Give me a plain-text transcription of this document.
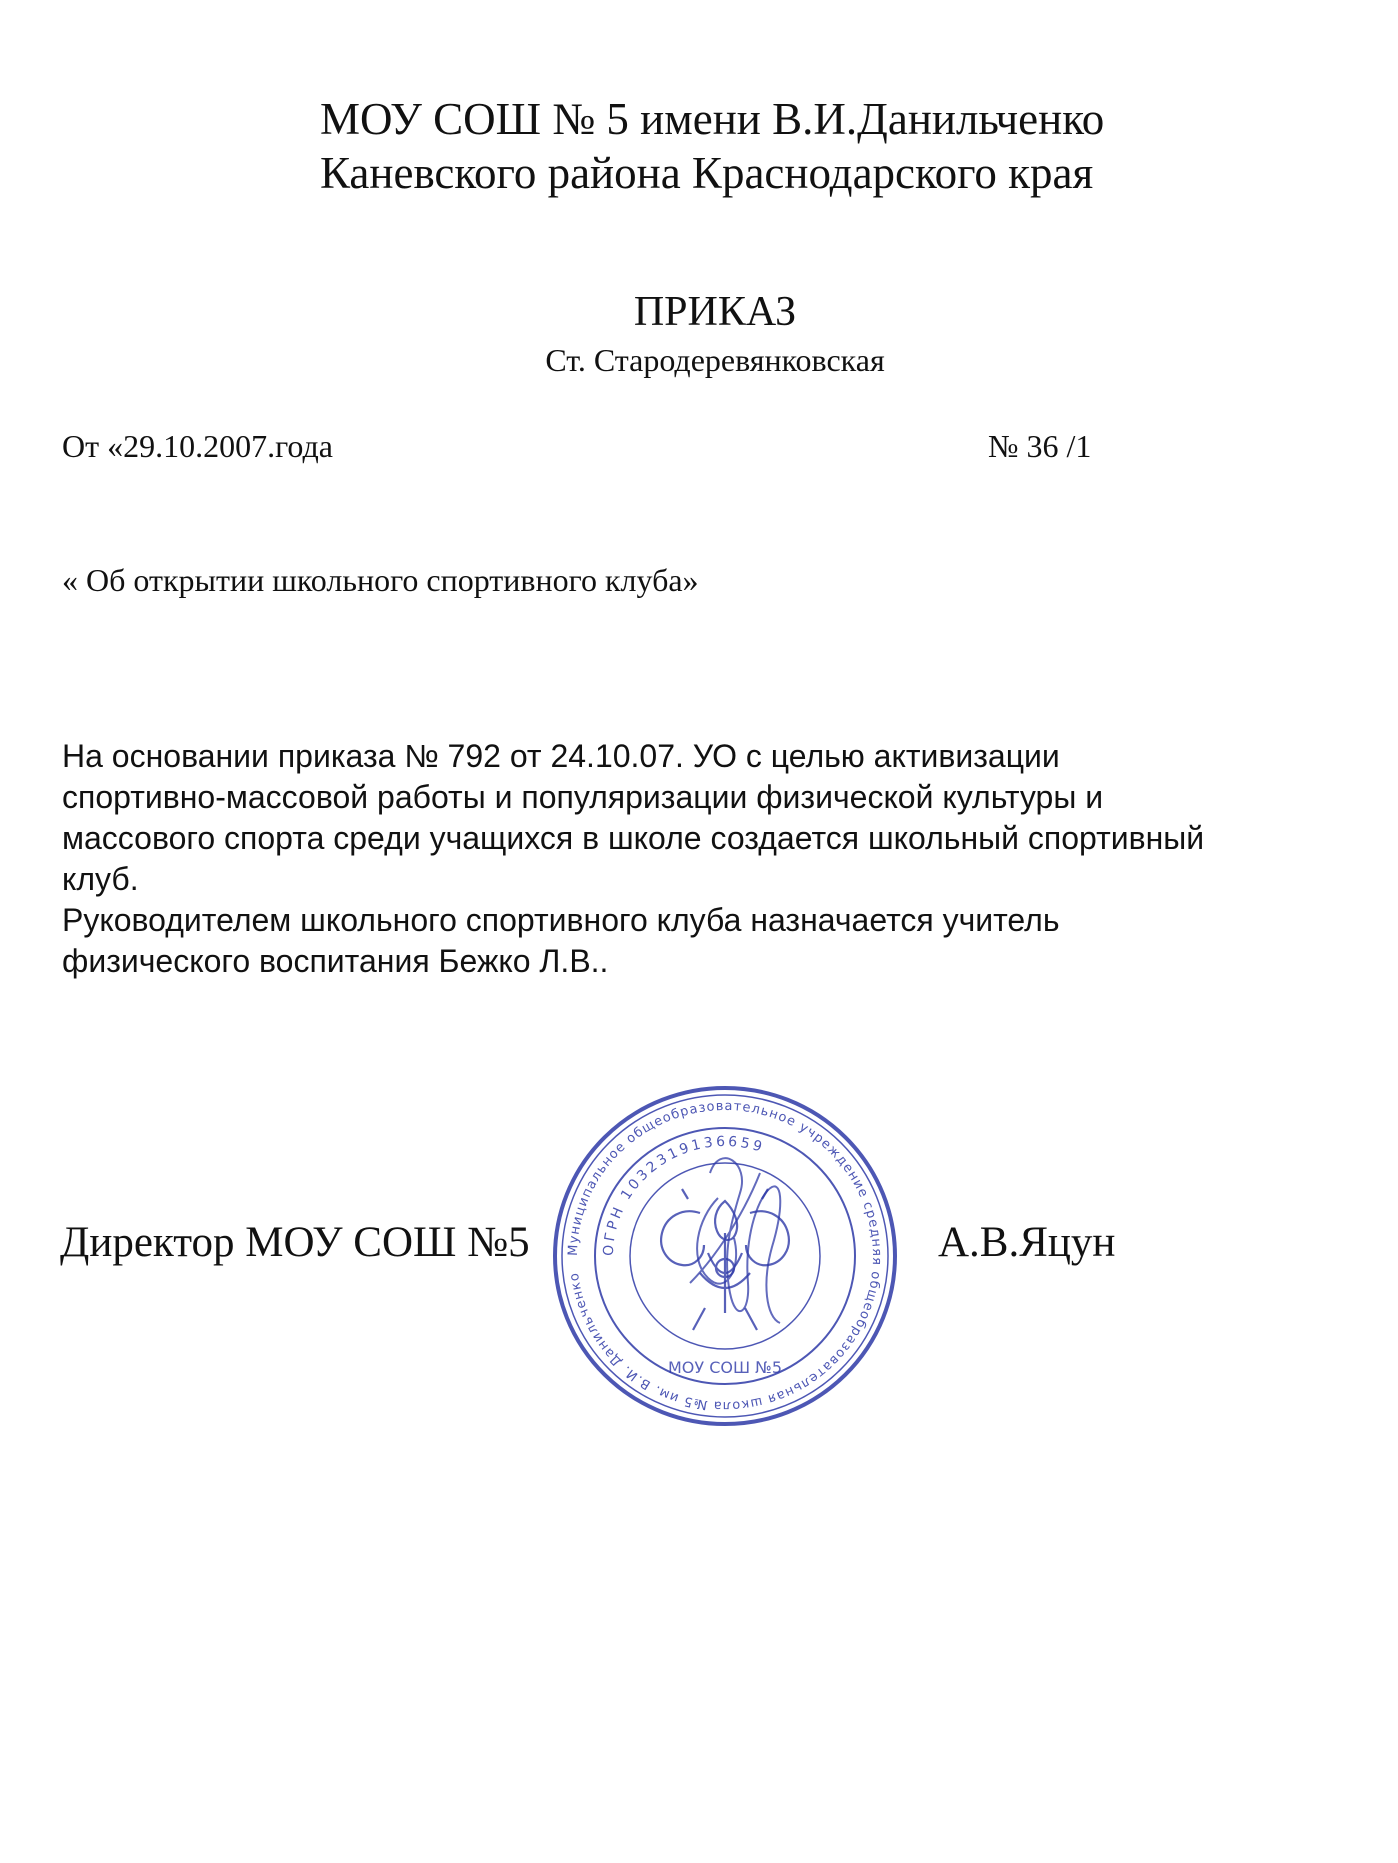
МОУ СОШ № 5 имени В.И.Данильченко
Каневского района Краснодарского края
ПРИКАЗ
Ст. Стародеревянковская
От «29.10.2007.года	№ 36 /1
« Об открытии школьного спортивного клуба»

На основании приказа № 792 от 24.10.07. УО с целью активизации

спортивно-массовой работы и популяризации физической культуры и

массового спорта среди учащихся в школе создается школьный спортивный

клуб.

Руководителем школьного спортивного клуба назначается учитель

физического воспитания Бежко Л.В..

Муниципальное общеобразовательное учреждение средняя общеобразовательная школа №5 им. В.И. Данильченко
ОГРН 1032319136659
МОУ СОШ №5
Директор МОУ СОШ №5	А.В.Яцун
